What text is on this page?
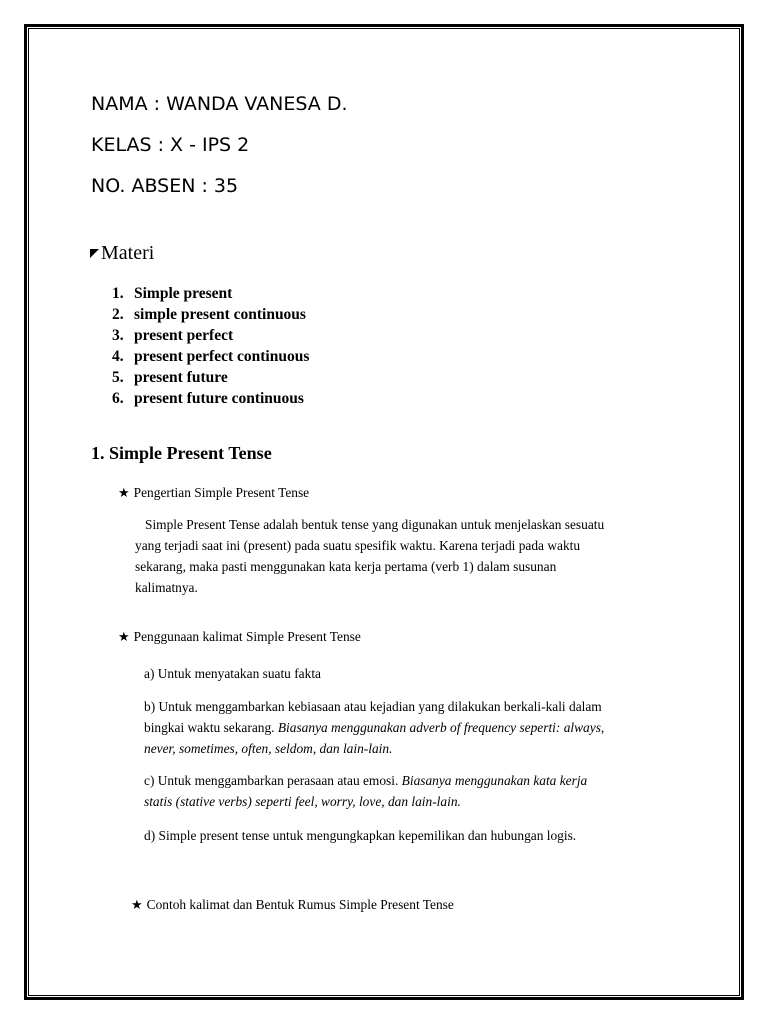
NAMA : WANDA VANESA D.
KELAS : X - IPS 2
NO. ABSEN : 35
Materi
1. Simple present
2. simple present continuous
3. present perfect
4. present perfect continuous
5. present future
6. present future continuous
1. Simple Present Tense
★ Pengertian Simple Present Tense
Simple Present Tense adalah bentuk tense yang digunakan untuk menjelaskan sesuatu
yang terjadi saat ini (present) pada suatu spesifik waktu. Karena terjadi pada waktu
sekarang, maka pasti menggunakan kata kerja pertama (verb 1) dalam susunan
kalimatnya.
★ Penggunaan kalimat Simple Present Tense
a) Untuk menyatakan suatu fakta
b) Untuk menggambarkan kebiasaan atau kejadian yang dilakukan berkali-kali dalam
bingkai waktu sekarang. Biasanya menggunakan adverb of frequency seperti: always,
never, sometimes, often, seldom, dan lain-lain.
c) Untuk menggambarkan perasaan atau emosi. Biasanya menggunakan kata kerja
statis (stative verbs) seperti feel, worry, love, dan lain-lain.
d) Simple present tense untuk mengungkapkan kepemilikan dan hubungan logis.
★ Contoh kalimat dan Bentuk Rumus Simple Present Tense
